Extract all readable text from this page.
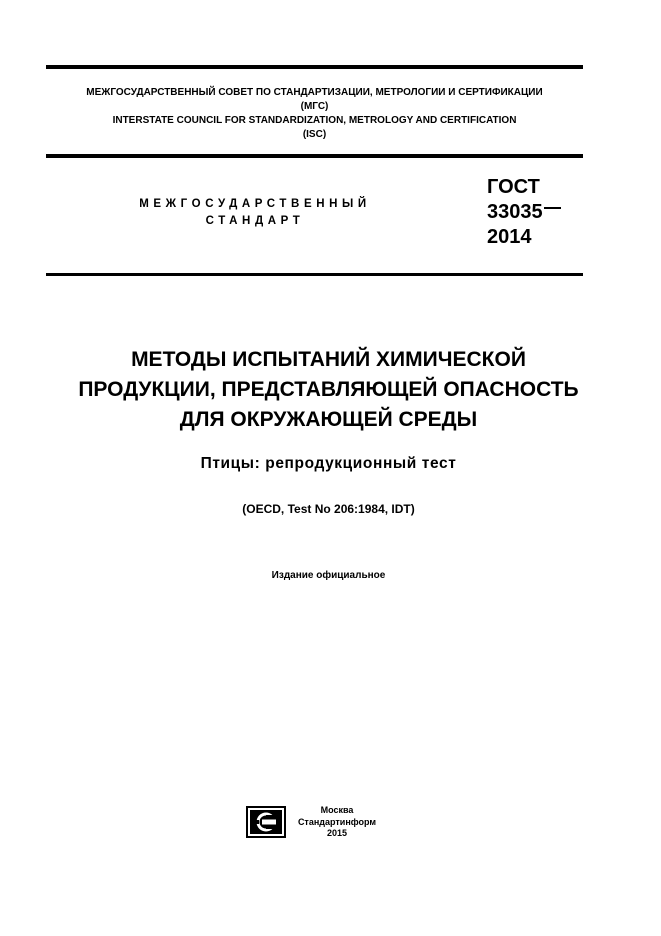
МЕЖГОСУДАРСТВЕННЫЙ СОВЕТ ПО СТАНДАРТИЗАЦИИ, МЕТРОЛОГИИ И СЕРТИФИКАЦИИ
(МГС)
INTERSTATE COUNCIL FOR STANDARDIZATION, METROLOGY AND CERTIFICATION
(ISC)
МЕЖГОСУДАРСТВЕННЫЙ
СТАНДАРТ
ГОСТ
33035
2014
МЕТОДЫ ИСПЫТАНИЙ ХИМИЧЕСКОЙ
ПРОДУКЦИИ, ПРЕДСТАВЛЯЮЩЕЙ ОПАСНОСТЬ
ДЛЯ ОКРУЖАЮЩЕЙ СРЕДЫ
Птицы: репродукционный тест
(OECD, Test No 206:1984, IDT)
Издание официальное
Москва
Стандартинформ
2015
